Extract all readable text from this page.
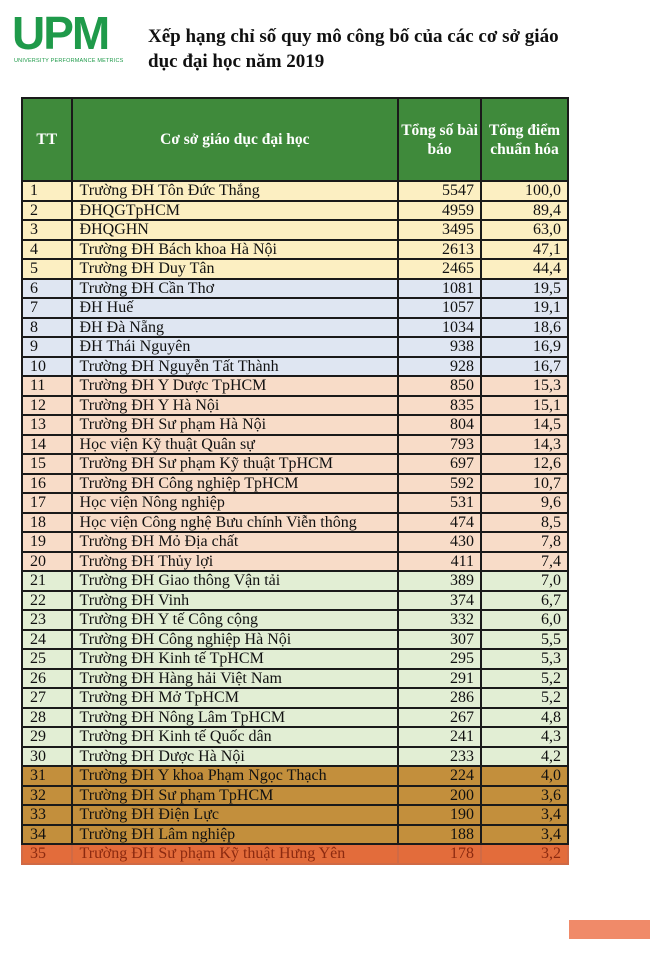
UPM
UNIVERSITY PERFORMANCE METRICS
Xếp hạng chỉ số quy mô công bố của các cơ sở giáo
dục đại học năm 2019
TT	Cơ sở giáo dục đại học	Tổng số bài báo	Tổng điểm chuẩn hóa
1	Trường ĐH Tôn Đức Thắng	5547	100,0
2	ĐHQGTpHCM	4959	89,4
3	ĐHQGHN	3495	63,0
4	Trường ĐH Bách khoa Hà Nội	2613	47,1
5	Trường ĐH Duy Tân	2465	44,4
6	Trường ĐH Cần Thơ	1081	19,5
7	ĐH Huế	1057	19,1
8	ĐH Đà Nẵng	1034	18,6
9	ĐH Thái Nguyên	938	16,9
10	Trường ĐH Nguyễn Tất Thành	928	16,7
11	Trường ĐH Y Dược TpHCM	850	15,3
12	Trường ĐH Y Hà Nội	835	15,1
13	Trường ĐH Sư phạm Hà Nội	804	14,5
14	Học viện Kỹ thuật Quân sự	793	14,3
15	Trường ĐH Sư phạm Kỹ thuật TpHCM	697	12,6
16	Trường ĐH Công nghiệp TpHCM	592	10,7
17	Học viện Nông nghiệp	531	9,6
18	Học viện Công nghệ Bưu chính Viễn thông	474	8,5
19	Trường ĐH Mỏ Địa chất	430	7,8
20	Trường ĐH Thủy lợi	411	7,4
21	Trường ĐH Giao thông Vận tải	389	7,0
22	Trường ĐH Vinh	374	6,7
23	Trường ĐH Y tế Công cộng	332	6,0
24	Trường ĐH Công nghiệp Hà Nội	307	5,5
25	Trường ĐH Kinh tế TpHCM	295	5,3
26	Trường ĐH Hàng hải Việt Nam	291	5,2
27	Trường ĐH Mở TpHCM	286	5,2
28	Trường ĐH Nông Lâm TpHCM	267	4,8
29	Trường ĐH Kinh tế Quốc dân	241	4,3
30	Trường ĐH Dược Hà Nội	233	4,2
31	Trường ĐH Y khoa Phạm Ngọc Thạch	224	4,0
32	Trường ĐH Sư phạm TpHCM	200	3,6
33	Trường ĐH Điện Lực	190	3,4
34	Trường ĐH Lâm nghiệp	188	3,4
35	Trường ĐH Sư phạm Kỹ thuật Hưng Yên	178	3,2
